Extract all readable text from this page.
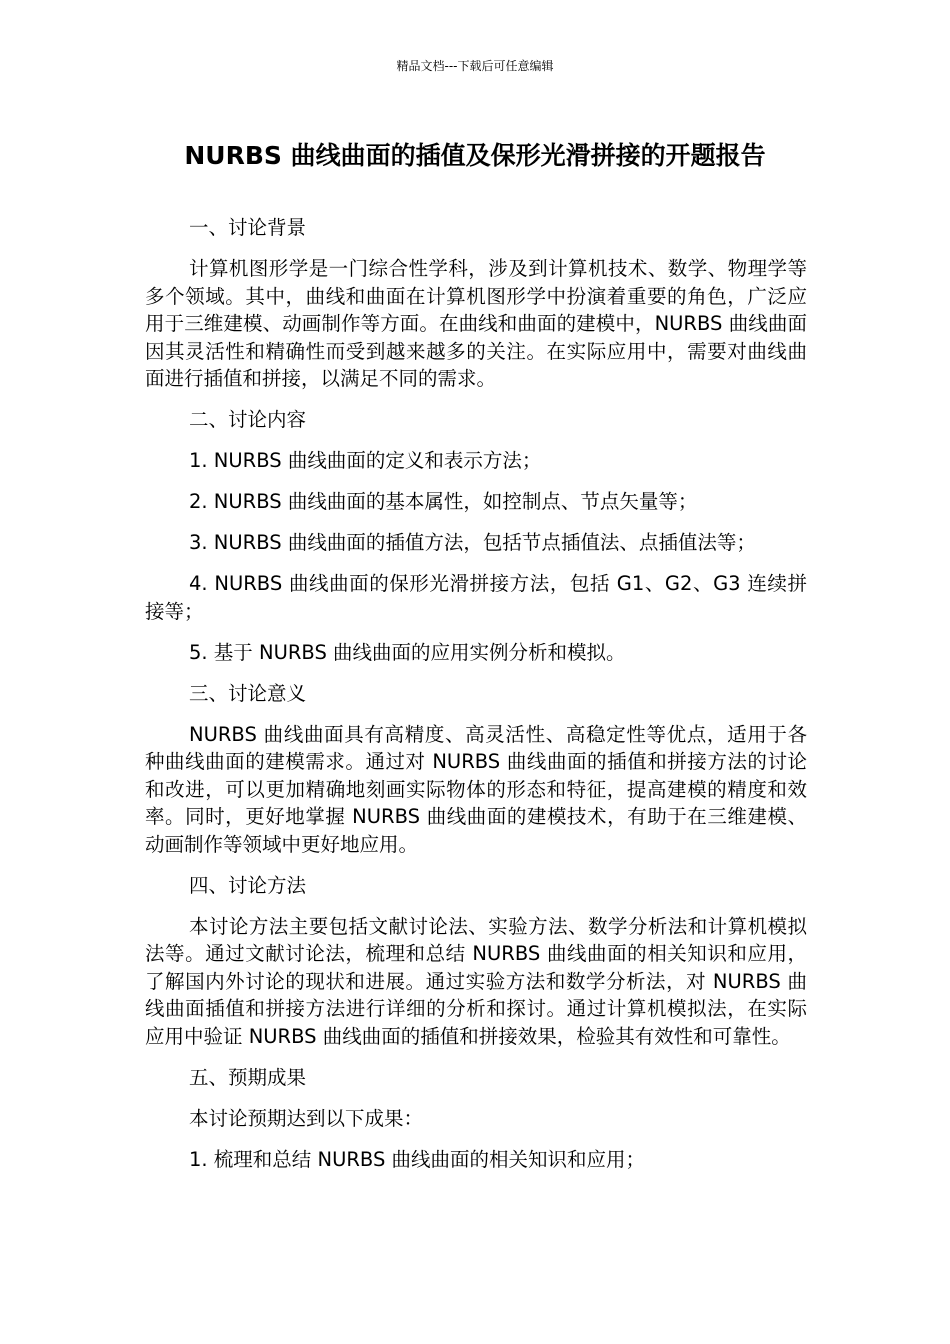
精品文档---下载后可任意编辑
NURBS 曲线曲面的插值及保形光滑拼接的开题报告

一、讨论背景

计算机图形学是一门综合性学科，涉及到计算机技术、数学、物理学等多个领域。其中，曲线和曲面在计算机图形学中扮演着重要的角色，广泛应用于三维建模、动画制作等方面。在曲线和曲面的建模中，NURBS 曲线曲面因其灵活性和精确性而受到越来越多的关注。在实际应用中，需要对曲线曲面进行插值和拼接，以满足不同的需求。

二、讨论内容

1. NURBS 曲线曲面的定义和表示方法；

2. NURBS 曲线曲面的基本属性，如控制点、节点矢量等；

3. NURBS 曲线曲面的插值方法，包括节点插值法、点插值法等；

4. NURBS 曲线曲面的保形光滑拼接方法，包括 G1、G2、G3 连续拼接等；

5. 基于 NURBS 曲线曲面的应用实例分析和模拟。

三、讨论意义

NURBS 曲线曲面具有高精度、高灵活性、高稳定性等优点，适用于各种曲线曲面的建模需求。通过对 NURBS 曲线曲面的插值和拼接方法的讨论和改进，可以更加精确地刻画实际物体的形态和特征，提高建模的精度和效率。同时，更好地掌握 NURBS 曲线曲面的建模技术，有助于在三维建模、动画制作等领域中更好地应用。

四、讨论方法

本讨论方法主要包括文献讨论法、实验方法、数学分析法和计算机模拟法等。通过文献讨论法，梳理和总结 NURBS 曲线曲面的相关知识和应用，了解国内外讨论的现状和进展。通过实验方法和数学分析法，对 NURBS 曲线曲面插值和拼接方法进行详细的分析和探讨。通过计算机模拟法，在实际应用中验证 NURBS 曲线曲面的插值和拼接效果，检验其有效性和可靠性。

五、预期成果

本讨论预期达到以下成果：

1. 梳理和总结 NURBS 曲线曲面的相关知识和应用；
